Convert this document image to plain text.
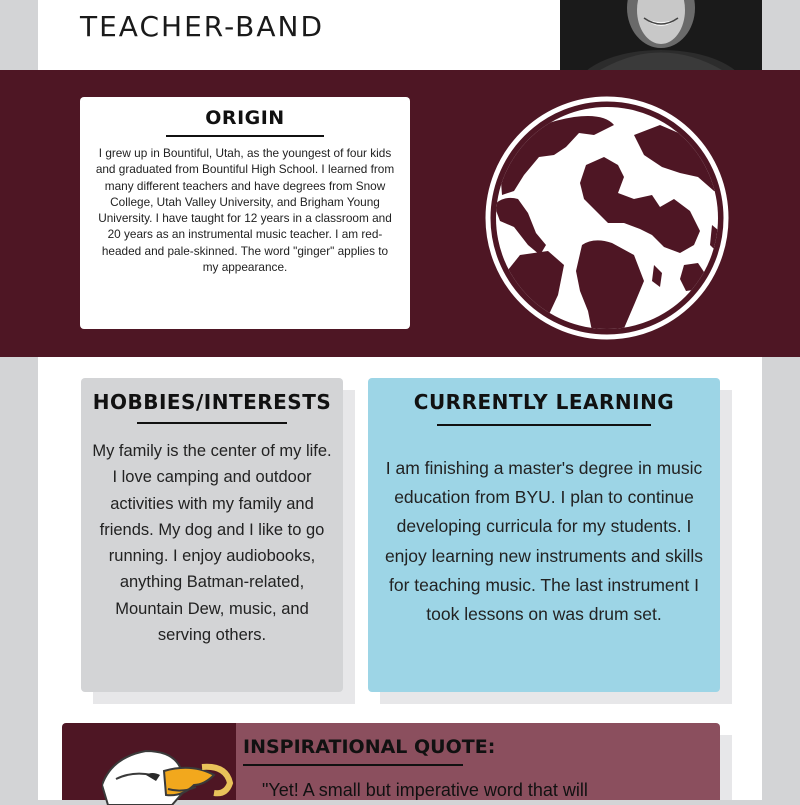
TEACHER-BAND
ORIGIN

I grew up in Bountiful, Utah, as the youngest of four kids and graduated from Bountiful High School. I learned from many different teachers and have degrees from Snow College, Utah Valley University, and Brigham Young University. I have taught for 12 years in a classroom and 20 years as an instrumental music teacher. I am red-headed and pale-skinned. The word "ginger" applies to my appearance.

HOBBIES/INTERESTS

My family is the center of my life. I love camping and outdoor activities with my family and friends. My dog and I like to go running. I enjoy audiobooks, anything Batman-related, Mountain Dew, music, and serving others.

CURRENTLY LEARNING

I am finishing a master's degree in music education from BYU. I plan to continue developing curricula for my students. I enjoy learning new instruments and skills for teaching music. The last instrument I took lessons on was drum set.

INSPIRATIONAL QUOTE:

"Yet! A small but imperative word that will
